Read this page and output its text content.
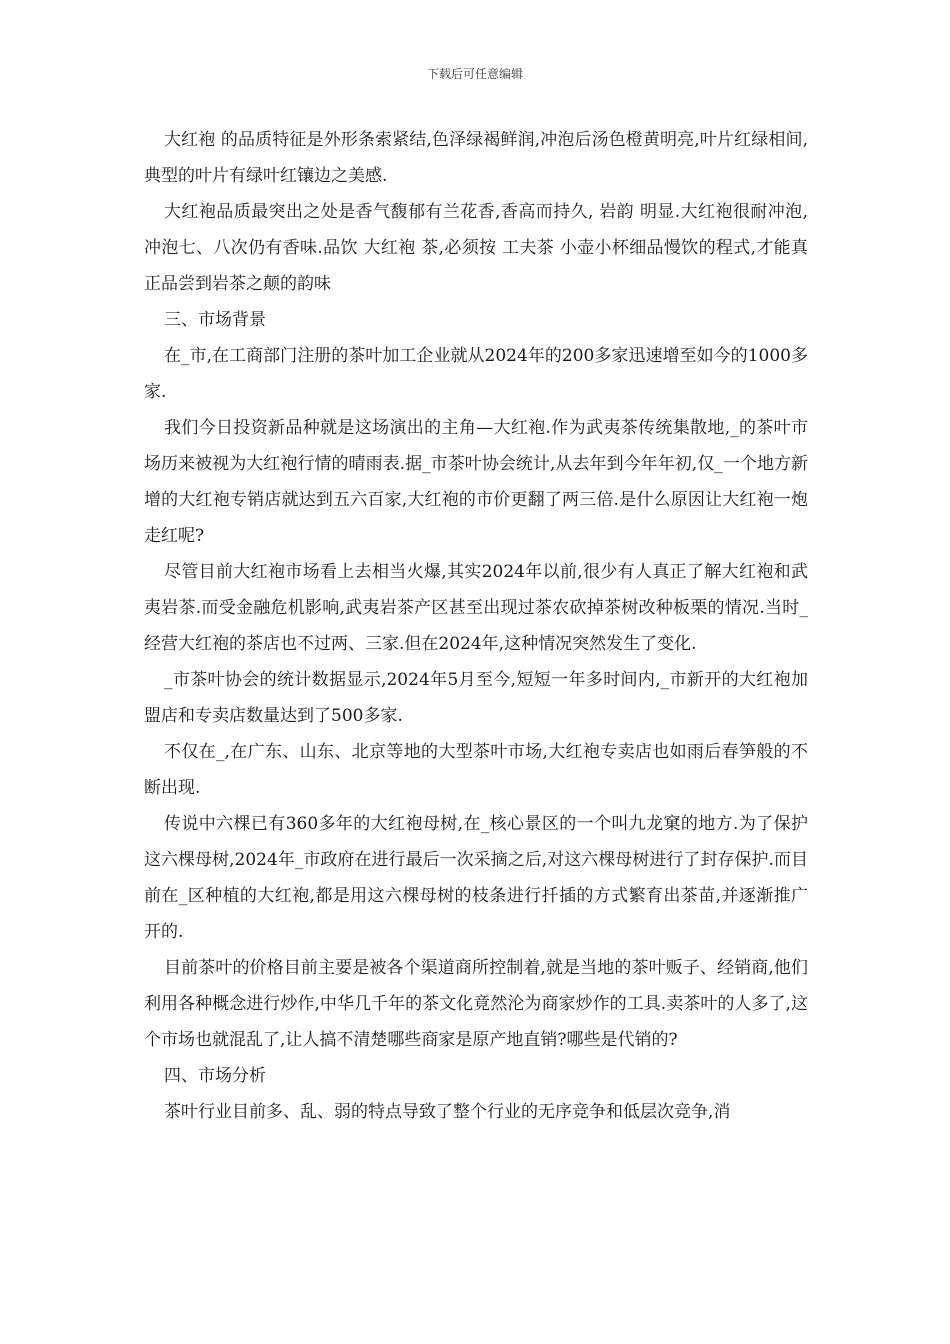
下载后可任意编辑

大红袍 的品质特征是外形条索紧结,色泽绿褐鲜润,冲泡后汤色橙黄明亮,叶片红绿相间,典型的叶片有绿叶红镶边之美感.

大红袍品质最突出之处是香气馥郁有兰花香,香高而持久, 岩韵 明显.大红袍很耐冲泡,冲泡七、八次仍有香味.品饮 大红袍 茶,必须按 工夫茶 小壶小杯细品慢饮的程式,才能真正品尝到岩茶之颠的韵味

三、市场背景

在_市,在工商部门注册的茶叶加工企业就从2024年的200多家迅速增至如今的1000多家.

我们今日投资新品种就是这场演出的主角—大红袍.作为武夷茶传统集散地,_的茶叶市场历来被视为大红袍行情的晴雨表.据_市茶叶协会统计,从去年到今年年初,仅_一个地方新增的大红袍专销店就达到五六百家,大红袍的市价更翻了两三倍.是什么原因让大红袍一炮走红呢?

尽管目前大红袍市场看上去相当火爆,其实2024年以前,很少有人真正了解大红袍和武夷岩茶.而受金融危机影响,武夷岩茶产区甚至出现过茶农砍掉茶树改种板栗的情况.当时_经营大红袍的茶店也不过两、三家.但在2024年,这种情况突然发生了变化.

_市茶叶协会的统计数据显示,2024年5月至今,短短一年多时间内,_市新开的大红袍加盟店和专卖店数量达到了500多家.

不仅在_,在广东、山东、北京等地的大型茶叶市场,大红袍专卖店也如雨后春笋般的不断出现.

传说中六棵已有360多年的大红袍母树,在_核心景区的一个叫九龙窠的地方.为了保护这六棵母树,2024年_市政府在进行最后一次采摘之后,对这六棵母树进行了封存保护.而目前在_区种植的大红袍,都是用这六棵母树的枝条进行扦插的方式繁育出茶苗,并逐渐推广开的.

目前茶叶的价格目前主要是被各个渠道商所控制着,就是当地的茶叶贩子、经销商,他们利用各种概念进行炒作,中华几千年的茶文化竟然沦为商家炒作的工具.卖茶叶的人多了,这个市场也就混乱了,让人搞不清楚哪些商家是原产地直销?哪些是代销的?

四、市场分析

茶叶行业目前多、乱、弱的特点导致了整个行业的无序竞争和低层次竞争,消
